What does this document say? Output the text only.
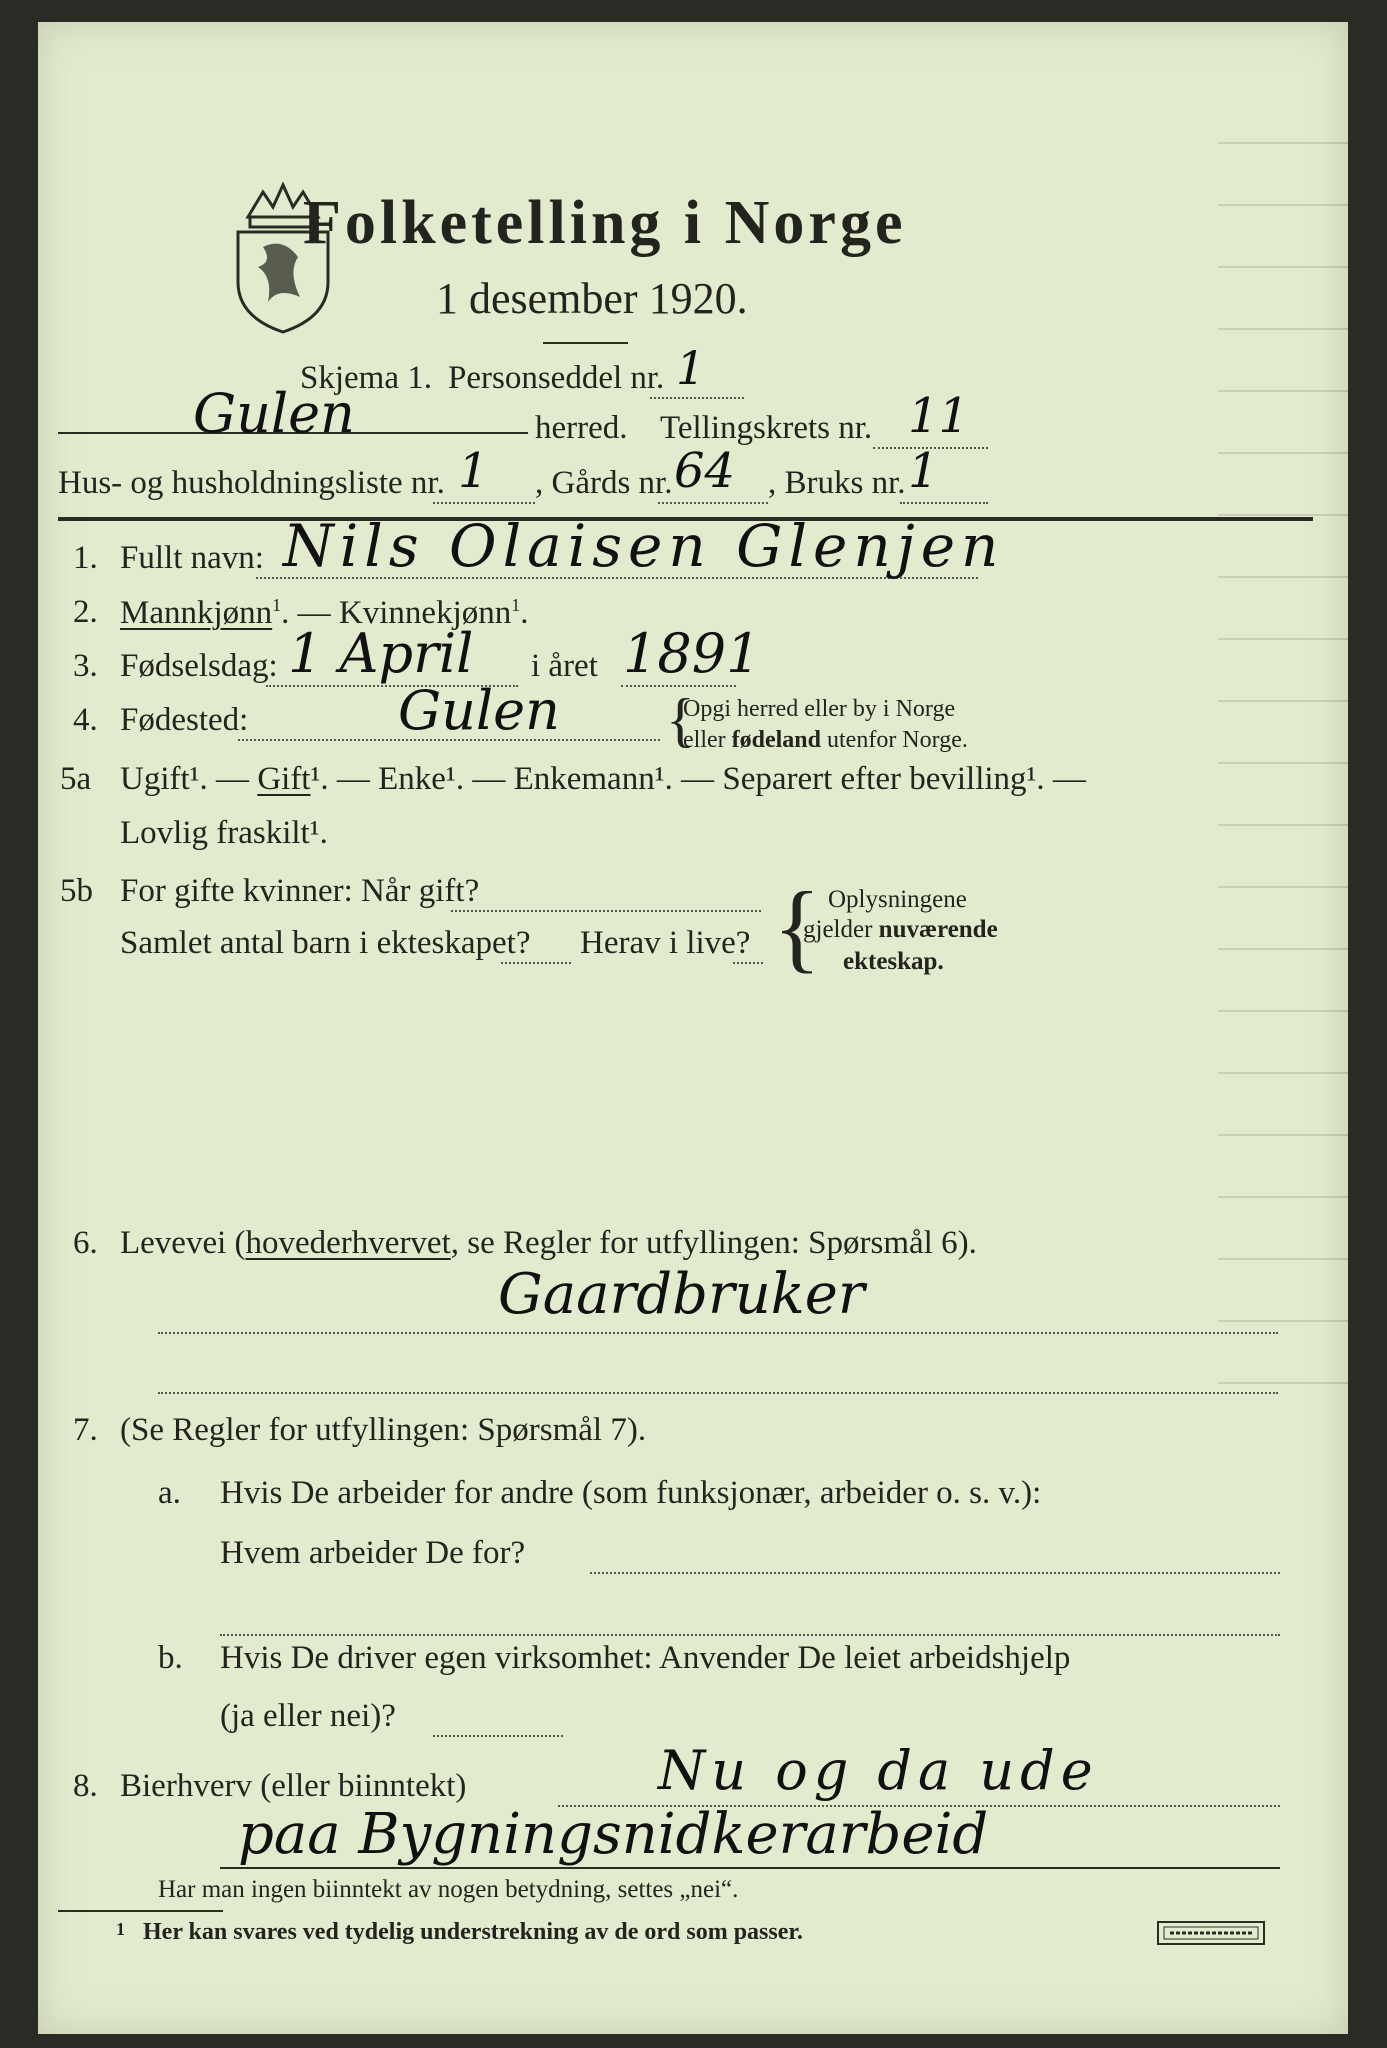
Folketelling i Norge
1 desember 1920.
Skjema 1. Personseddel nr. 1
Gulen	herred. Tellingskrets nr. 11
Hus- og husholdningsliste nr. 1 , Gårds nr. 64 , Bruks nr. 1
1. Fullt navn: Nils Olaisen Glenjen
2. Mannkjønn$^1$. — Kvinnekjønn$^1$.
3. Fødselsdag: 1 April i året 1891
4. Fødested:	Gulen {
Opgi herred eller by i Norge
eller fødeland utenfor Norge.
5a Ugift¹. — Gift¹. — Enke¹. — Enkemann¹. — Separert efter bevilling¹. —
Lovlig fraskilt¹.
5b For gifte kvinner: Når gift?
Samlet antal barn i ekteskapet? Herav i live? { Oplysningene
gjelder nuværende
ekteskap.
6. Levevei (hovederhvervet, se Regler for utfyllingen: Spørsmål 6).
Gaardbruker
7. (Se Regler for utfyllingen: Spørsmål 7).
a. Hvis De arbeider for andre (som funksjonær, arbeider o. s. v.):
Hvem arbeider De for?
b. Hvis De driver egen virksomhet: Anvender De leiet arbeidshjelp
(ja eller nei)?
8. Bierhverv (eller biinntekt)	Nu og da ude
paa Bygningsnidkerarbeid
Har man ingen biinntekt av nogen betydning, settes „nei“.
1 Her kan svares ved tydelig understrekning av de ord som passer.
